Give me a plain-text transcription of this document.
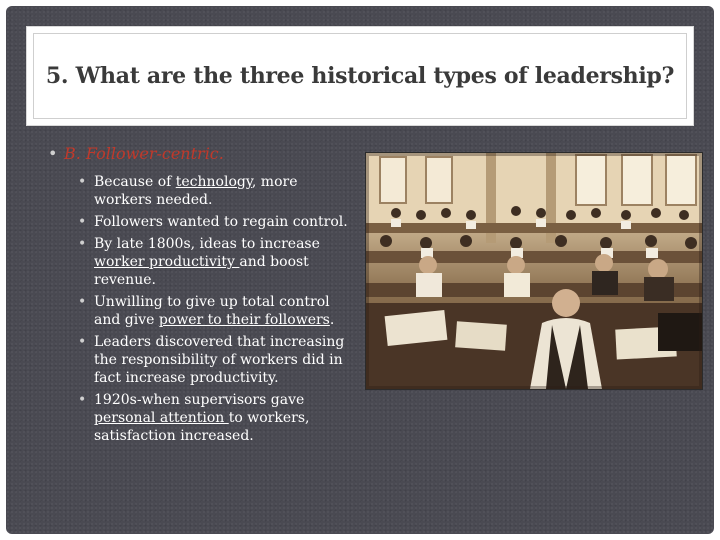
5. What are the three historical types of leadership?
• B. Follower-centric.
• Because of technology, more workers needed.
• Followers wanted to regain control.
• By late 1800s, ideas to increase worker productivity and boost revenue.
• Unwilling to give up total control and give power to their followers.
• Leaders discovered that increasing the responsibility of workers did in fact increase productivity.
• 1920s-when supervisors gave personal attention to workers, satisfaction increased.
